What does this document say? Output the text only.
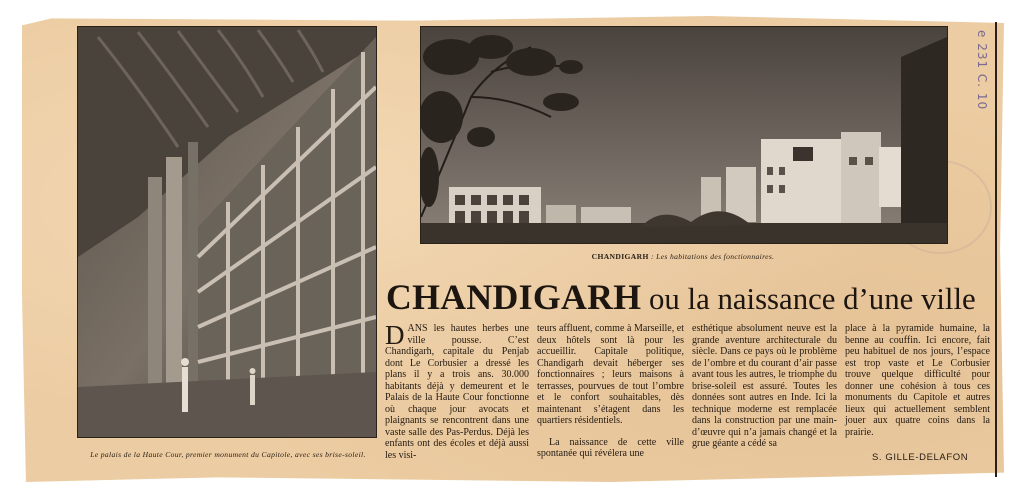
Le palais de la Haute Cour, premier monument du Capitole, avec ses brise-soleil.
CHANDIGARH : Les habitations des fonctionnaires.
CHANDIGARH ou la naissance d’une ville
DANS les hautes herbes une ville pousse. C’est Chandigarh, capitale du Penjab dont Le Corbusier a dressé les plans il y a trois ans. 30.000 habitants déjà y demeurent et le Palais de la Haute Cour fonctionne où chaque jour avocats et plaignants se rencontrent dans une vaste salle des Pas-Perdus. Déjà les enfants ont des écoles et déjà aussi les visi-
teurs affluent, comme à Marseille, et deux hôtels sont là pour les accueillir. Capitale politique, Chandigarh devait héberger ses fonctionnaires ; leurs maisons à terrasses, pourvues de tout l’ombre et le confort souhaitables, dès maintenant s’étagent dans les quartiers résidentiels.
La naissance de cette ville spontanée qui révélera une
esthétique absolument neuve est la grande aventure architecturale du siècle. Dans ce pays où le problème de l’ombre et du courant d’air passe avant tous les autres, le triomphe du brise-soleil est assuré. Toutes les données sont autres en Inde. Ici la technique moderne est remplacée dans la construction par une main-d’œuvre qui n’a jamais changé et la grue géante a cédé sa
place à la pyramide humaine, la benne au couffin. Ici encore, fait peu habituel de nos jours, l’espace est trop vaste et Le Corbusier trouve quelque difficulté pour donner une cohésion à tous ces monuments du Capitole et autres lieux qui actuellement semblent jouer aux quatre coins dans la prairie.
S. GILLE-DELAFON
e 231 C. 10
